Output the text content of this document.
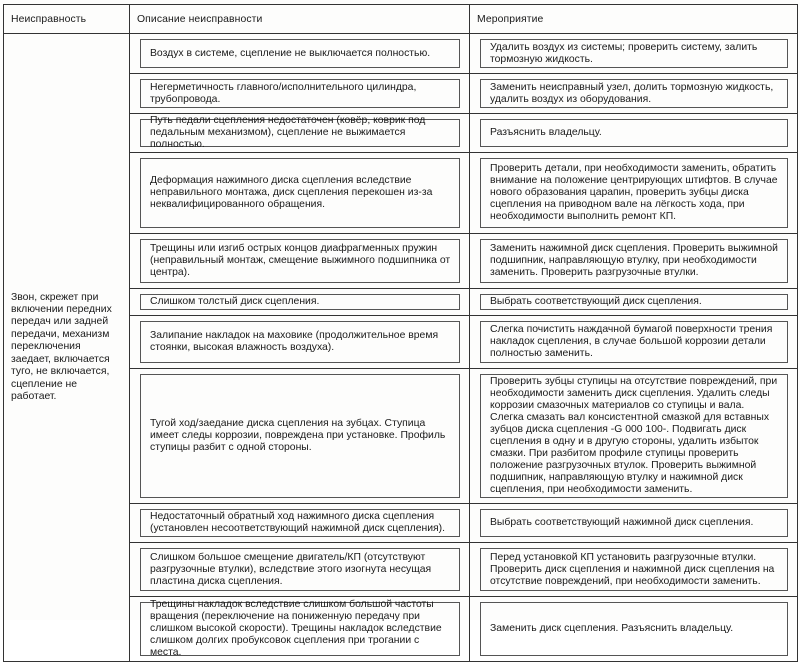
Неисправность	Описание неисправности	Мероприятие
Звон, скрежет при включении передних передач или задней передачи, механизм переключения заедает, включается туго, не включается, сцепление не работает.	Воздух в системе, сцепление не выключается полностью.	Удалить воздух из системы; проверить систему, залить тормозную жидкость.

	Негерметичность главного/исполнительного цилиндра, трубопровода.	Заменить неисправный узел, долить тормозную жидкость, удалить воздух из оборудования.

	Путь педали сцепления недостаточен (ковёр, коврик под педальным механизмом), сцепление не выжимается полностью.	Разъяснить владельцу.

	Деформация нажимного диска сцепления вследствие неправильного монтажа, диск сцепления перекошен из-за неквалифицированного обращения.	Проверить детали, при необходимости заменить, обратить внимание на положение центрирующих штифтов. В случае нового образования царапин, проверить зубцы диска сцепления на приводном вале на лёгкость хода, при необходимости выполнить ремонт КП.

	Трещины или изгиб острых концов диафрагменных пружин (неправильный монтаж, смещение выжимного подшипника от центра).	Заменить нажимной диск сцепления. Проверить выжимной подшипник, направляющую втулку, при необходимости заменить. Проверить разгрузочные втулки.

	Слишком толстый диск сцепления.	Выбрать соответствующий диск сцепления.

	Залипание накладок на маховике (продолжительное время стоянки, высокая влажность воздуха).	Слегка почистить наждачной бумагой поверхности трения накладок сцепления, в случае большой коррозии детали полностью заменить.

	Тугой ход/заедание диска сцепления на зубцах. Ступица имеет следы коррозии, повреждена при установке. Профиль ступицы разбит с одной стороны.	Проверить зубцы ступицы на отсутствие повреждений, при необходимости заменить диск сцепления. Удалить следы коррозии смазочных материалов со ступицы и вала. Слегка смазать вал консистентной смазкой для вставных зубцов диска сцепления -G 000 100-. Подвигать диск сцепления в одну и в другую стороны, удалить избыток смазки. При разбитом профиле ступицы проверить положение разгрузочных втулок. Проверить выжимной подшипник, направляющую втулку и нажимной диск сцепления, при необходимости заменить.

	Недостаточный обратный ход нажимного диска сцепления (установлен несоответствующий нажимной диск сцепления).	Выбрать соответствующий нажимной диск сцепления.

	Слишком большое смещение двигатель/КП (отсутствуют разгрузочные втулки), вследствие этого изогнута несущая пластина диска сцепления.	Перед установкой КП установить разгрузочные втулки. Проверить диск сцепления и нажимной диск сцепления на отсутствие повреждений, при необходимости заменить.

	Трещины накладок вследствие слишком большой частоты вращения (переключение на пониженную передачу при слишком высокой скорости). Трещины накладок вследствие слишком долгих пробуксовок сцепления при трогании с места.	Заменить диск сцепления. Разъяснить владельцу.
